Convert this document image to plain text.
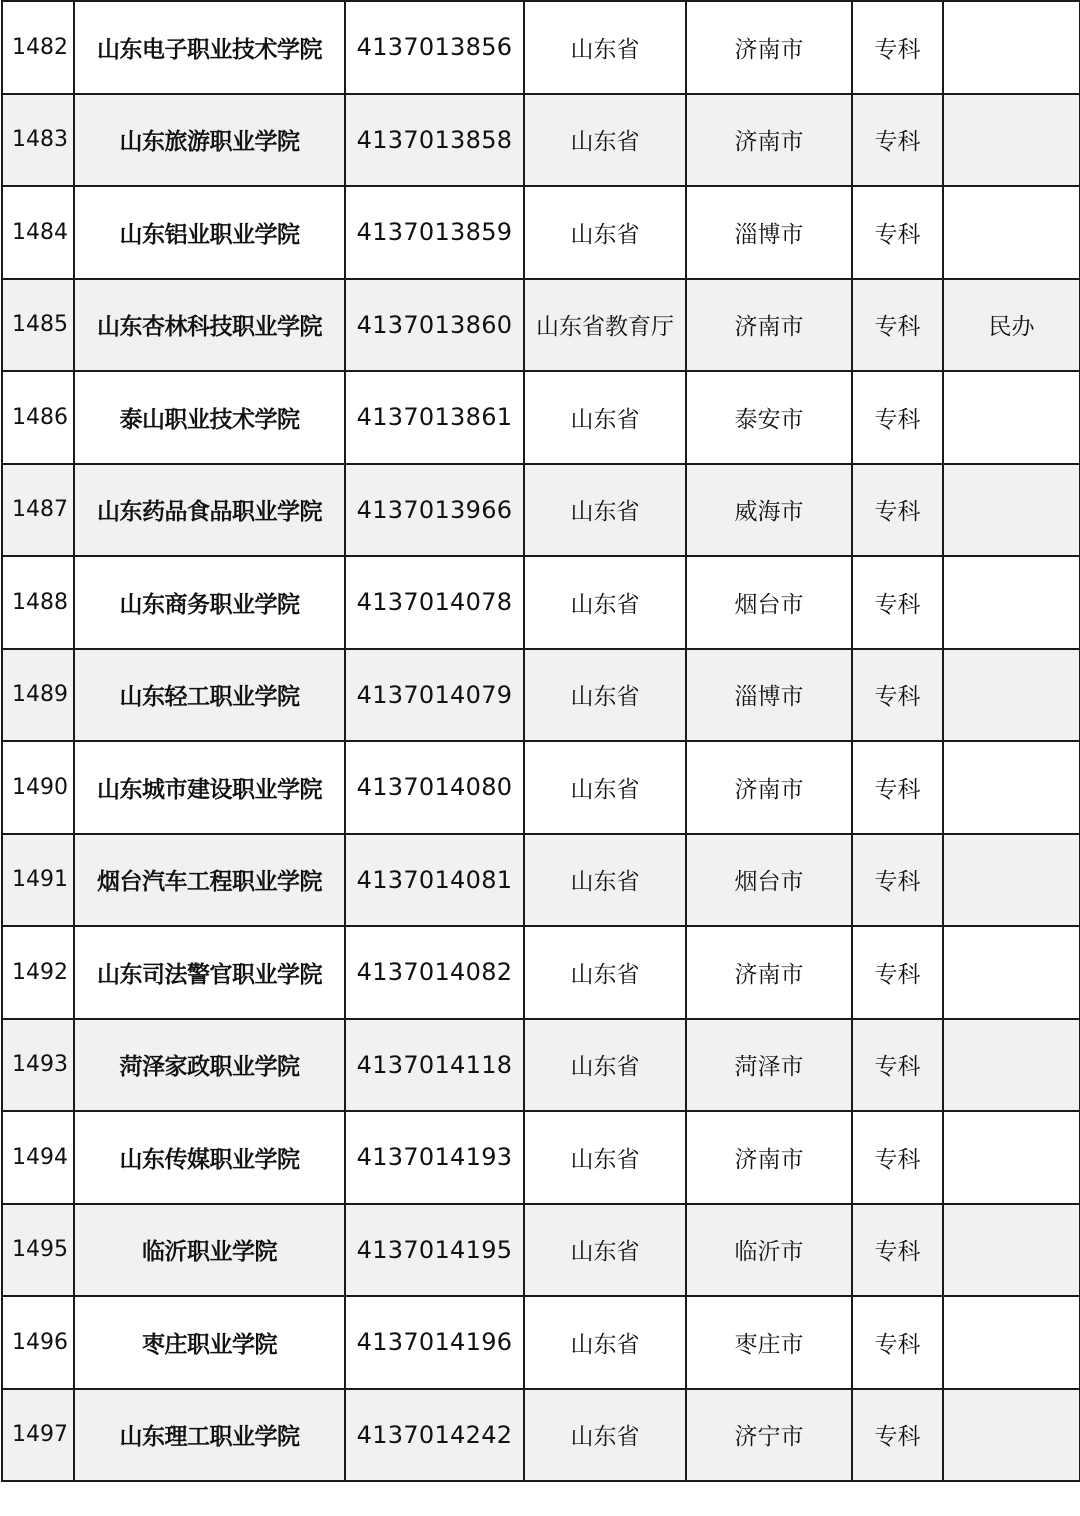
1482	山东电子职业技术学院	4137013856	山东省	济南市	专科	
1483	山东旅游职业学院	4137013858	山东省	济南市	专科	
1484	山东铝业职业学院	4137013859	山东省	淄博市	专科	
1485	山东杏林科技职业学院	4137013860	山东省教育厅	济南市	专科	民办
1486	泰山职业技术学院	4137013861	山东省	泰安市	专科	
1487	山东药品食品职业学院	4137013966	山东省	威海市	专科	
1488	山东商务职业学院	4137014078	山东省	烟台市	专科	
1489	山东轻工职业学院	4137014079	山东省	淄博市	专科	
1490	山东城市建设职业学院	4137014080	山东省	济南市	专科	
1491	烟台汽车工程职业学院	4137014081	山东省	烟台市	专科	
1492	山东司法警官职业学院	4137014082	山东省	济南市	专科	
1493	菏泽家政职业学院	4137014118	山东省	菏泽市	专科	
1494	山东传媒职业学院	4137014193	山东省	济南市	专科	
1495	临沂职业学院	4137014195	山东省	临沂市	专科	
1496	枣庄职业学院	4137014196	山东省	枣庄市	专科	
1497	山东理工职业学院	4137014242	山东省	济宁市	专科	
